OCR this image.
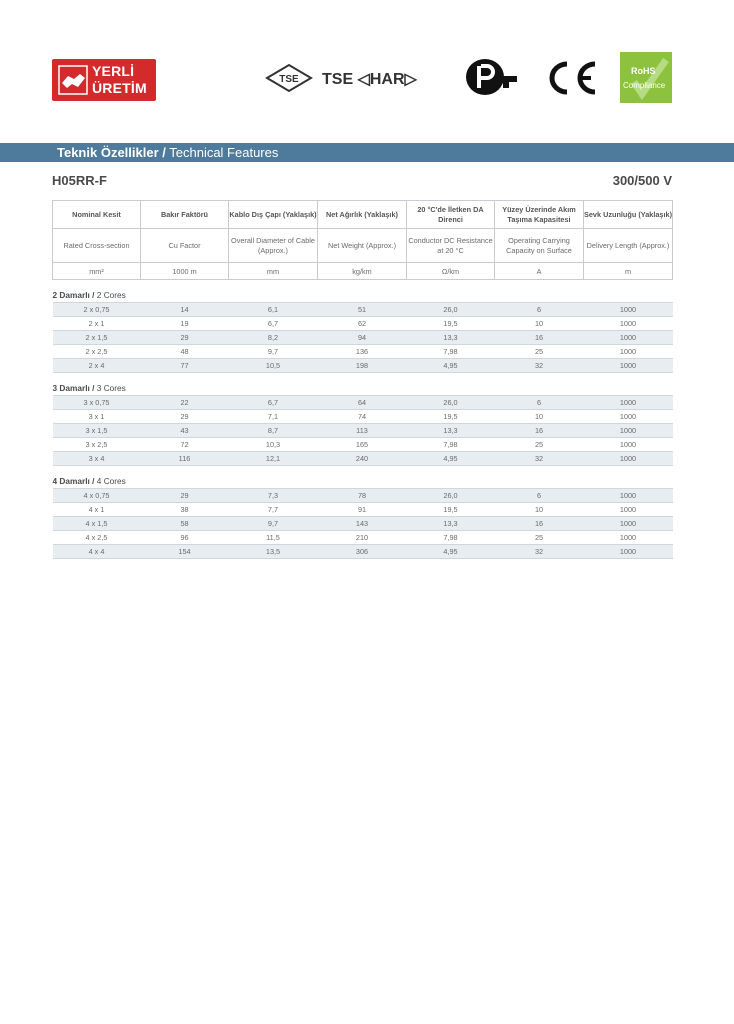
YERLİ
ÜRETİM
TSE TSE ◁HAR▷	RoHS
Compliance
Teknik Özellikler / Technical Features
H05RR-F	300/500 V
Nominal Kesit	Bakır Faktörü	Kablo Dış Çapı (Yaklaşık)	Net Ağırlık (Yaklaşık)	20 °C'de İletken DA Direnci	Yüzey Üzerinde Akım Taşıma Kapasitesi	Sevk Uzunluğu (Yaklaşık)
Rated Cross-section	Cu Factor	Overall Diameter of Cable (Approx.)	Net Weight (Approx.)	Conductor DC Resistance at 20 °C	Operating Carrying Capacity on Surface	Delivery Length (Approx.)
mm²	1000 m	mm	kg/km	Ω/km	A	m
2 Damarlı / 2 Cores						
2 x 0,75	14	6,1	51	26,0	6	1000
2 x 1	19	6,7	62	19,5	10	1000
2 x 1,5	29	8,2	94	13,3	16	1000
2 x 2,5	48	9,7	136	7,98	25	1000
2 x 4	77	10,5	198	4,95	32	1000
3 Damarlı / 3 Cores						
3 x 0,75	22	6,7	64	26,0	6	1000
3 x 1	29	7,1	74	19,5	10	1000
3 x 1,5	43	8,7	113	13,3	16	1000
3 x 2,5	72	10,3	165	7,98	25	1000
3 x 4	116	12,1	240	4,95	32	1000
4 Damarlı / 4 Cores						
4 x 0,75	29	7,3	78	26,0	6	1000
4 x 1	38	7,7	91	19,5	10	1000
4 x 1,5	58	9,7	143	13,3	16	1000
4 x 2,5	96	11,5	210	7,98	25	1000
4 x 4	154	13,5	306	4,95	32	1000
